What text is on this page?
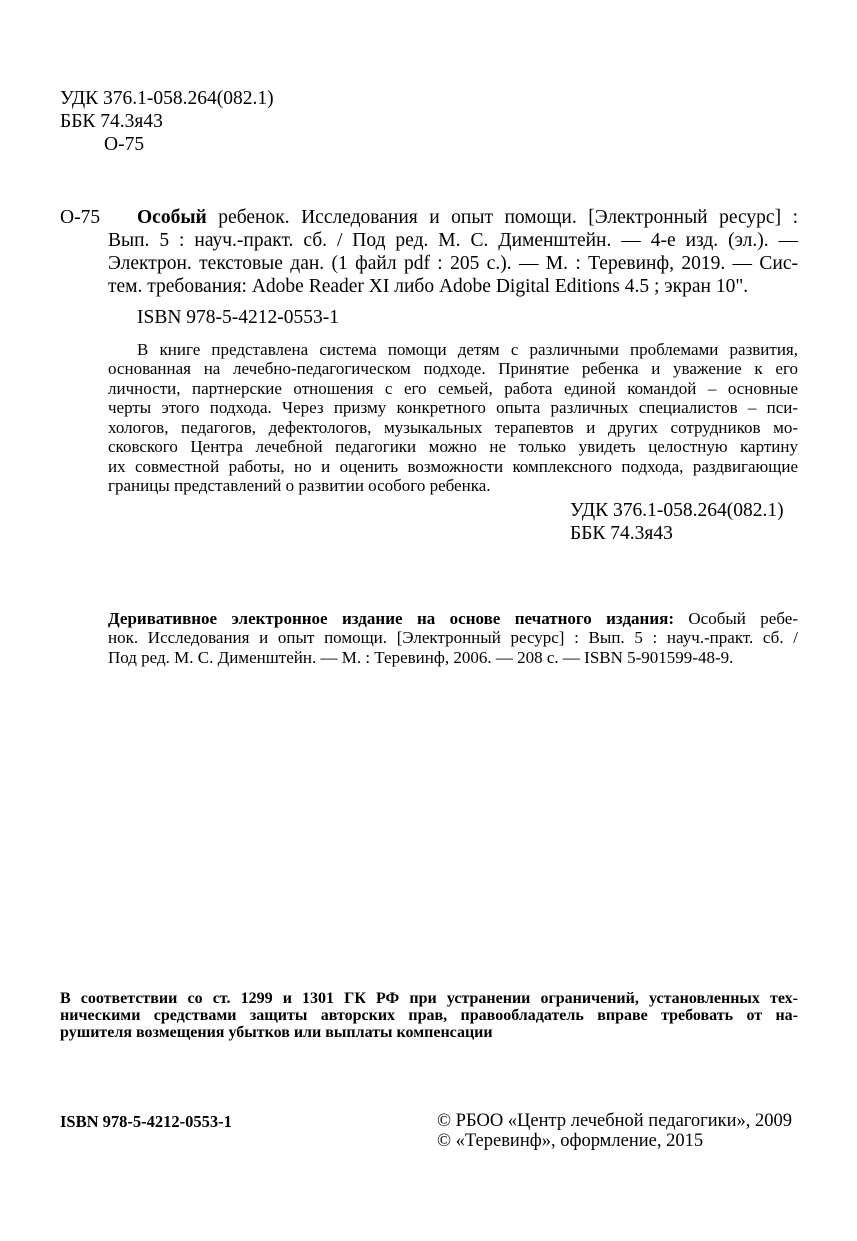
УДК 376.1-058.264(082.1)
ББК 74.3я43
О-75
О-75 Особый ребенок. Исследования и опыт помощи. [Электронный ресурс] :
Вып. 5 : науч.-практ. сб. / Под ред. М. С. Дименштейн. — 4-е изд. (эл.). —
Электрон. текстовые дан. (1 файл pdf : 205 с.). — М. : Теревинф, 2019. — Сис-
тем. требования: Adobe Reader XI либо Adobe Digital Editions 4.5 ; экран 10".
ISBN 978-5-4212-0553-1
В книге представлена система помощи детям с различными проблемами развития,
основанная на лечебно-педагогическом подходе. Принятие ребенка и уважение к его
личности, партнерские отношения с его семьей, работа единой командой – основные
черты этого подхода. Через призму конкретного опыта различных специалистов – пси-
хологов, педагогов, дефектологов, музыкальных терапевтов и других сотрудников мо-
сковского Центра лечебной педагогики можно не только увидеть целостную картину
их совместной работы, но и оценить возможности комплексного подхода, раздвигающие
границы представлений о развитии особого ребенка.
УДК 376.1-058.264(082.1)
ББК 74.3я43
Деривативное электронное издание на основе печатного издания: Особый ребе-
нок. Исследования и опыт помощи. [Электронный ресурс] : Вып. 5 : науч.-практ. сб. /
Под ред. М. С. Дименштейн. — М. : Теревинф, 2006. — 208 с. — ISBN 5-901599-48-9.
В соответствии со ст. 1299 и 1301 ГК РФ при устранении ограничений, установленных тех-
ническими средствами защиты авторских прав, правообладатель вправе требовать от на-
рушителя возмещения убытков или выплаты компенсации
ISBN 978-5-4212-0553-1	© РБОО «Центр лечебной педагогики», 2009
© «Теревинф», оформление, 2015
